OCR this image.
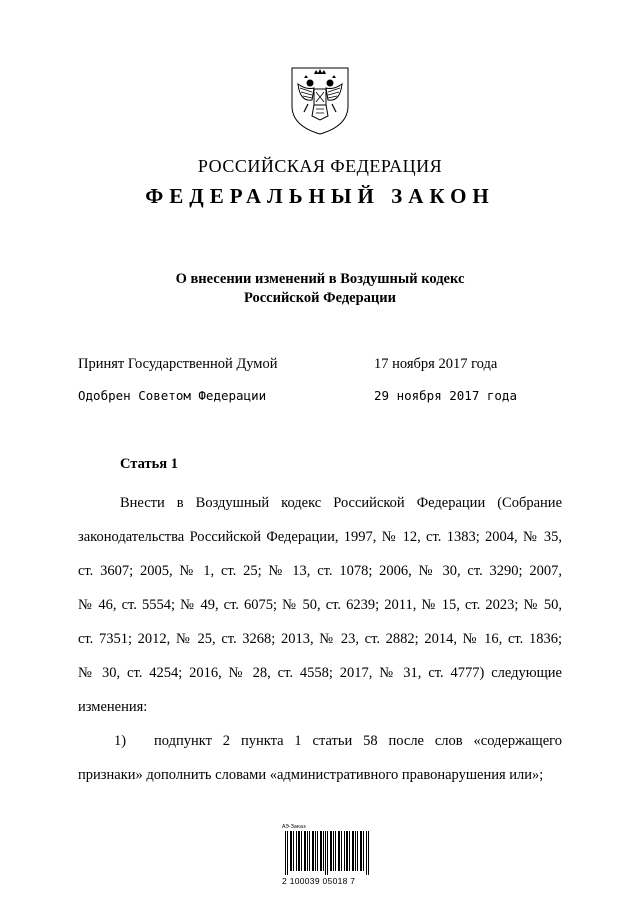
РОССИЙСКАЯ ФЕДЕРАЦИЯ
ФЕДЕРАЛЬНЫЙ ЗАКОН
О внесении изменений в Воздушный кодекс
Российской Федерации
Принят Государственной Думой	17 ноября 2017 года
Одобрен Советом Федерации	29 ноября 2017 года
Статья 1

Внести в Воздушный кодекс Российской Федерации (Собрание

законодательства Российской Федерации, 1997, № 12, ст. 1383; 2004, № 35,

ст. 3607; 2005, № 1, ст. 25; № 13, ст. 1078; 2006, № 30, ст. 3290; 2007,

№ 46, ст. 5554; № 49, ст. 6075; № 50, ст. 6239; 2011, № 15, ст. 2023; № 50,

ст. 7351; 2012, № 25, ст. 3268; 2013, № 23, ст. 2882; 2014, № 16, ст. 1836;

№ 30, ст. 4254; 2016, № 28, ст. 4558; 2017, № 31, ст. 4777) следующие

изменения:

1) подпункт 2 пункта 1 статьи 58 после слов «содержащего

признаки» дополнить словами «административного правонарушения или»;

АЭ-Заказ
2 100039 05018 7
